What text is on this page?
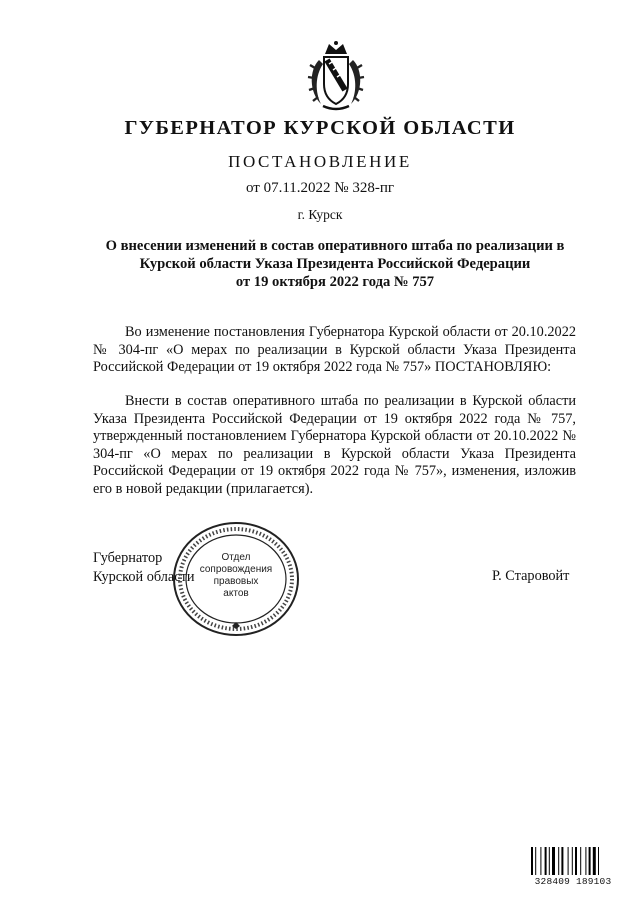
ГУБЕРНАТОР КУРСКОЙ ОБЛАСТИ
ПОСТАНОВЛЕНИЕ
от 07.11.2022 № 328-пг
г. Курск
О внесении изменений в состав оперативного штаба по реализации в
Курской области Указа Президента Российской Федерации
от 19 октября 2022 года № 757

Во изменение постановления Губернатора Курской области от 20.10.2022 № 304-пг «О мерах по реализации в Курской области Указа Президента Российской Федерации от 19 октября 2022 года № 757» ПОСТАНОВЛЯЮ:

Внести в состав оперативного штаба по реализации в Курской области Указа Президента Российской Федерации от 19 октября 2022 года № 757, утвержденный постановлением Губернатора Курской области от 20.10.2022 № 304-пг «О мерах по реализации в Курской области Указа Президента Российской Федерации от 19 октября 2022 года № 757», изменения, изложив его в новой редакции (прилагается).

Губернатор
Курской области
Отдел
сопровождения
правовых
актов
Р. Старовойт
328409 189103
